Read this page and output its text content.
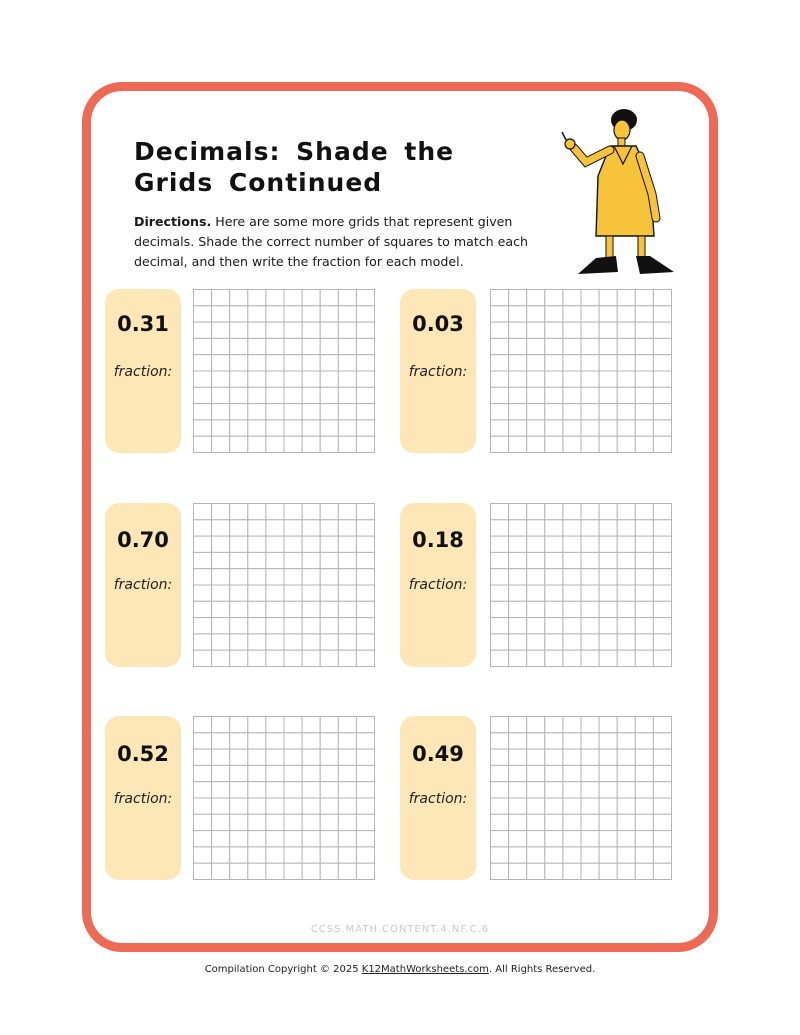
Decimals: Shade the
Grids Continued
Directions. Here are some more grids that represent given decimals. Shade the correct number of squares to match each decimal, and then write the fraction for each model.
0.31
fraction:
0.03
fraction:
0.70
fraction:
0.18
fraction:
0.52
fraction:
0.49
fraction:
CCSS.MATH.CONTENT.4.NF.C.6
Compilation Copyright © 2025 K12MathWorksheets.com. All Rights Reserved.
